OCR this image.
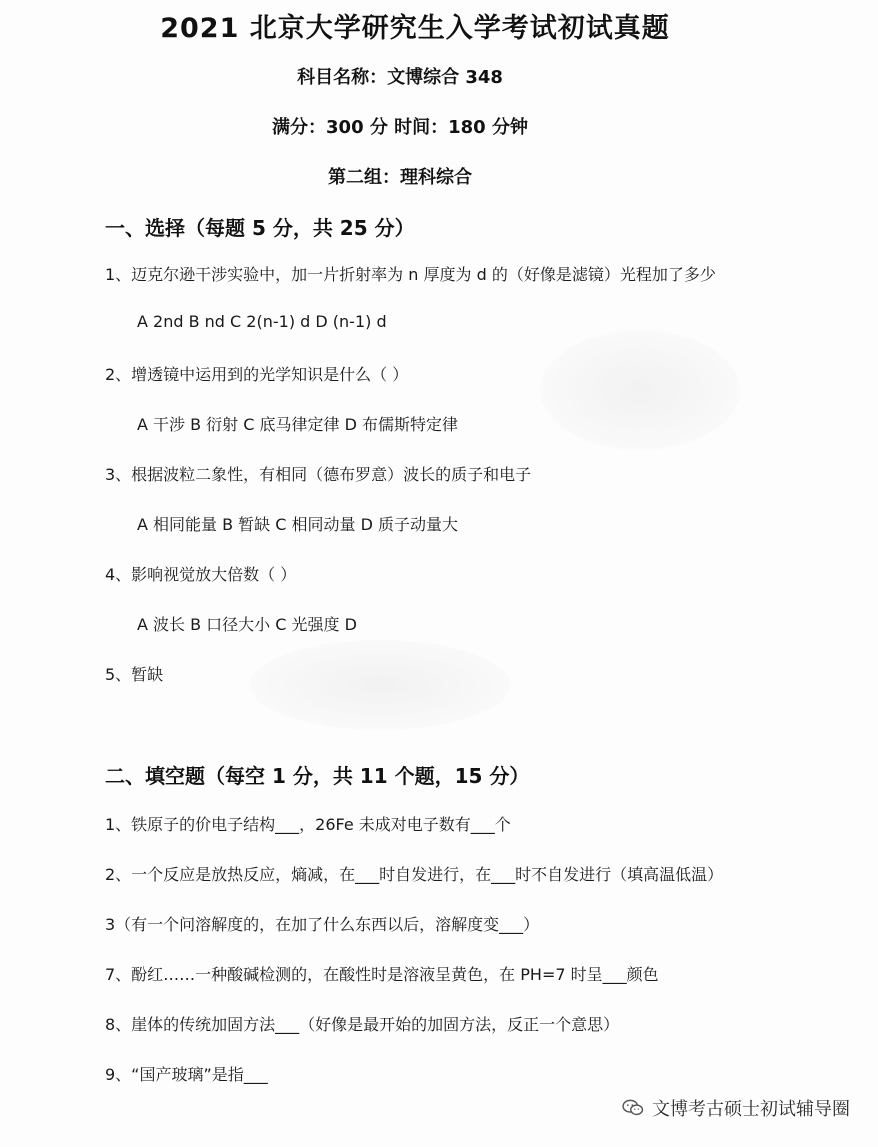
2021 北京大学研究生入学考试初试真题
科目名称：文博综合 348
满分：300 分 时间：180 分钟
第二组：理科综合
一、选择（每题 5 分，共 25 分）
1、迈克尔逊干涉实验中，加一片折射率为 n 厚度为 d 的（好像是滤镜）光程加了多少
A 2nd B nd C 2(n-1) d D (n-1) d
2、增透镜中运用到的光学知识是什么（ ）
A 干涉 B 衍射 C 底马律定律 D 布儒斯特定律
3、根据波粒二象性，有相同（德布罗意）波长的质子和电子
A 相同能量 B 暂缺 C 相同动量 D 质子动量大
4、影响视觉放大倍数（ ）
A 波长 B 口径大小 C 光强度 D
5、暂缺
二、填空题（每空 1 分，共 11 个题，15 分）
1、铁原子的价电子结构___，26Fe 未成对电子数有___个
2、一个反应是放热反应，熵减，在___时自发进行，在___时不自发进行（填高温低温）
3（有一个问溶解度的，在加了什么东西以后，溶解度变___）
7、酚红……一种酸碱检测的，在酸性时是溶液呈黄色，在 PH=7 时呈___颜色
8、崖体的传统加固方法___（好像是最开始的加固方法，反正一个意思）
9、“国产玻璃”是指___
文博考古硕士初试辅导圈
